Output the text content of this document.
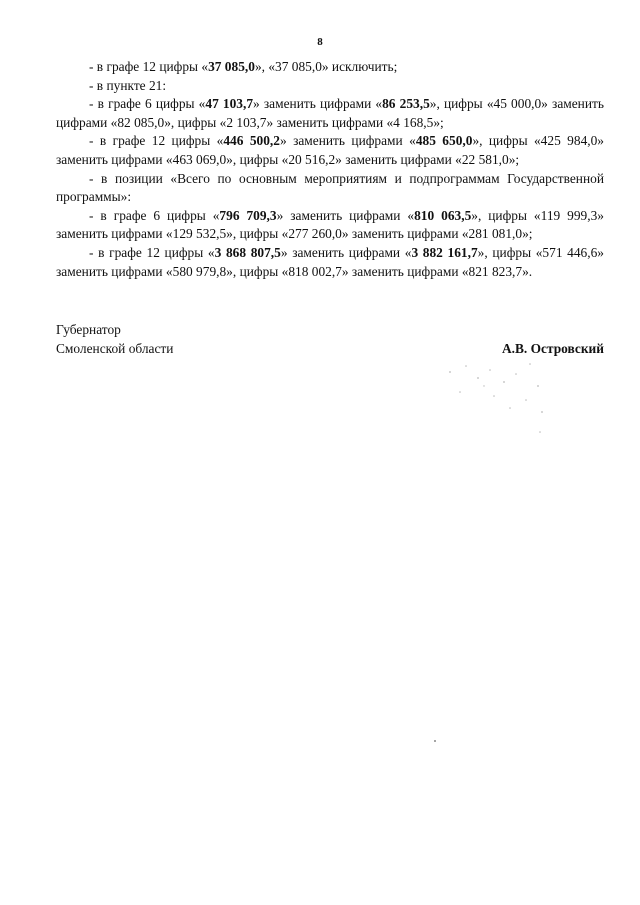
8

- в графе 12 цифры «37 085,0», «37 085,0» исключить;

- в пункте 21:

- в графе 6 цифры «47 103,7» заменить цифрами «86 253,5», цифры «45 000,0» заменить цифрами «82 085,0», цифры «2 103,7» заменить цифрами «4 168,5»;

- в графе 12 цифры «446 500,2» заменить цифрами «485 650,0», цифры «425 984,0» заменить цифрами «463 069,0», цифры «20 516,2» заменить цифрами «22 581,0»;

- в позиции «Всего по основным мероприятиям и подпрограммам Государственной программы»:

- в графе 6 цифры «796 709,3» заменить цифрами «810 063,5», цифры «119 999,3» заменить цифрами «129 532,5», цифры «277 260,0» заменить цифрами «281 081,0»;

- в графе 12 цифры «3 868 807,5» заменить цифрами «3 882 161,7», цифры «571 446,6» заменить цифрами «580 979,8», цифры «818 002,7» заменить цифрами «821 823,7».

Губернатор

Смоленской области	А.В. Островский
